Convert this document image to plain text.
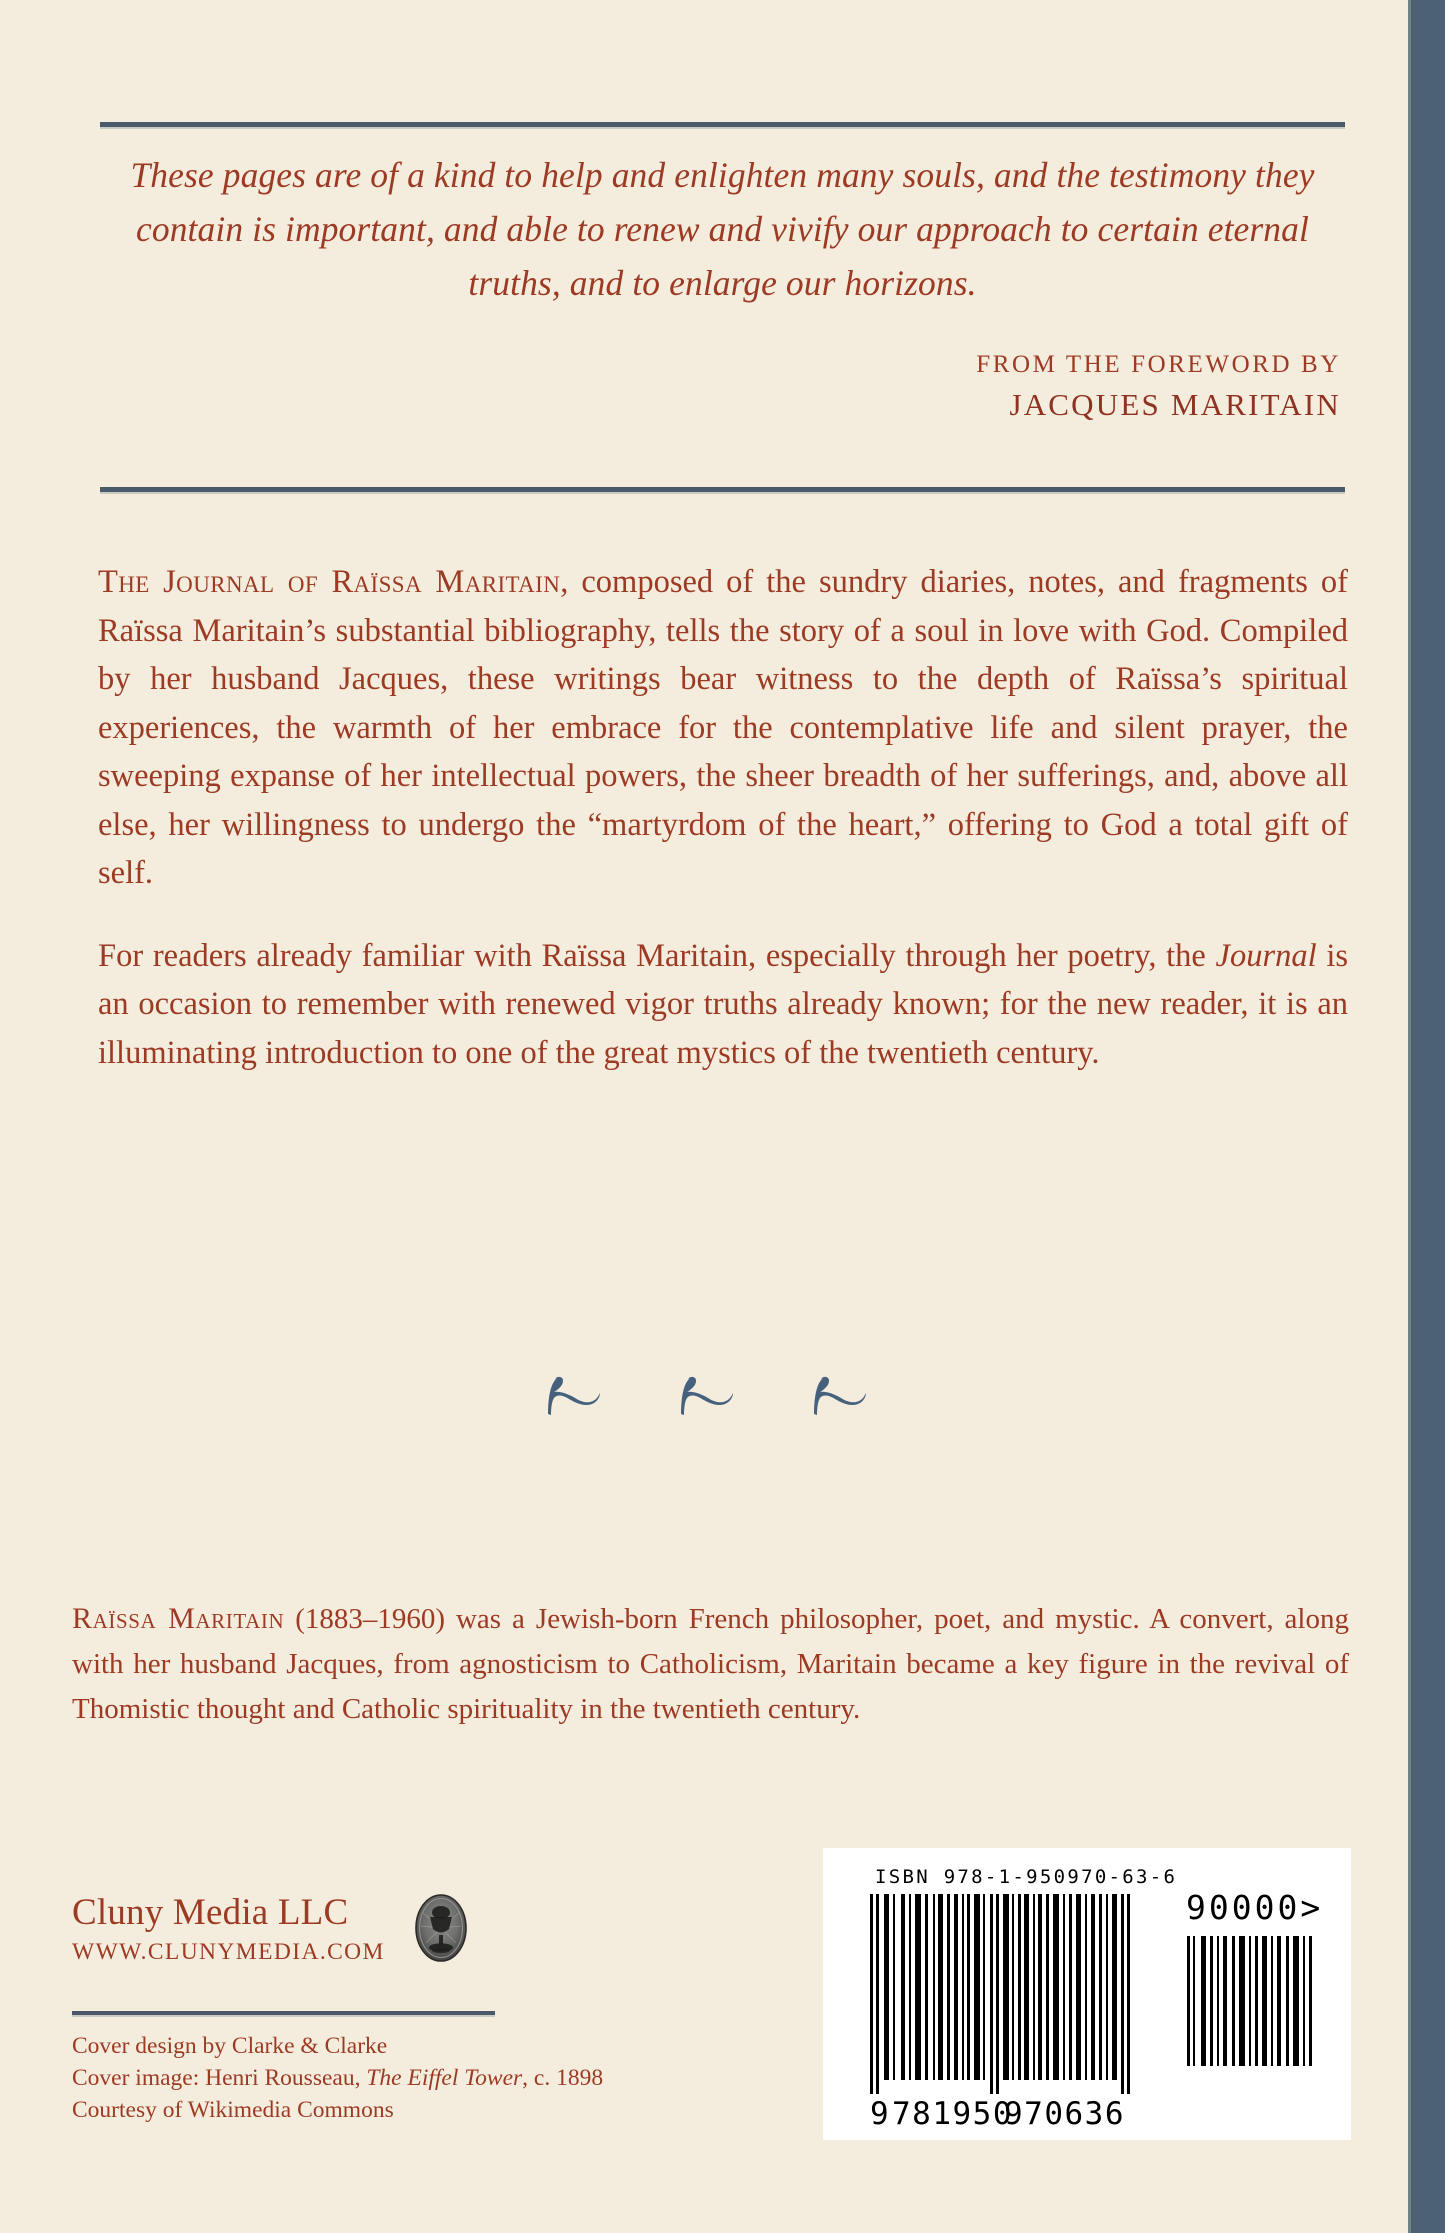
These pages are of a kind to help and enlighten many souls, and the testimony they contain is important, and able to renew and vivify our approach to certain eternal truths, and to enlarge our horizons.
FROM THE FOREWORD BY
JACQUES MARITAIN

The Journal of Raïssa Maritain, composed of the sundry diaries, notes, and fragments of Raïssa Maritain’s substantial bibliography, tells the story of a soul in love with God. Compiled by her husband Jacques, these writings bear witness to the depth of Raïssa’s spiritual experiences, the warmth of her embrace for the contemplative life and silent prayer, the sweeping expanse of her intellectual powers, the sheer breadth of her sufferings, and, above all else, her willingness to undergo the “martyrdom of the heart,” offering to God a total gift of self.

For readers already familiar with Raïssa Maritain, especially through her poetry, the Journal is an occasion to remember with renewed vigor truths already known; for the new reader, it is an illuminating introduction to one of the great mystics of the twentieth century.

Raïssa Maritain (1883–1960) was a Jewish-born French philosopher, poet, and mystic. A convert, along with her husband Jacques, from agnosticism to Catholicism, Maritain became a key figure in the revival of Thomistic thought and Catholic spirituality in the twentieth century.
Cluny Media LLC
WWW.CLUNYMEDIA.COM
Cover design by Clarke & Clarke
Cover image: Henri Rousseau, The Eiffel Tower, c. 1898
Courtesy of Wikimedia Commons
ISBN 978-1-950970-63-6
9 781950
970636
90000>
